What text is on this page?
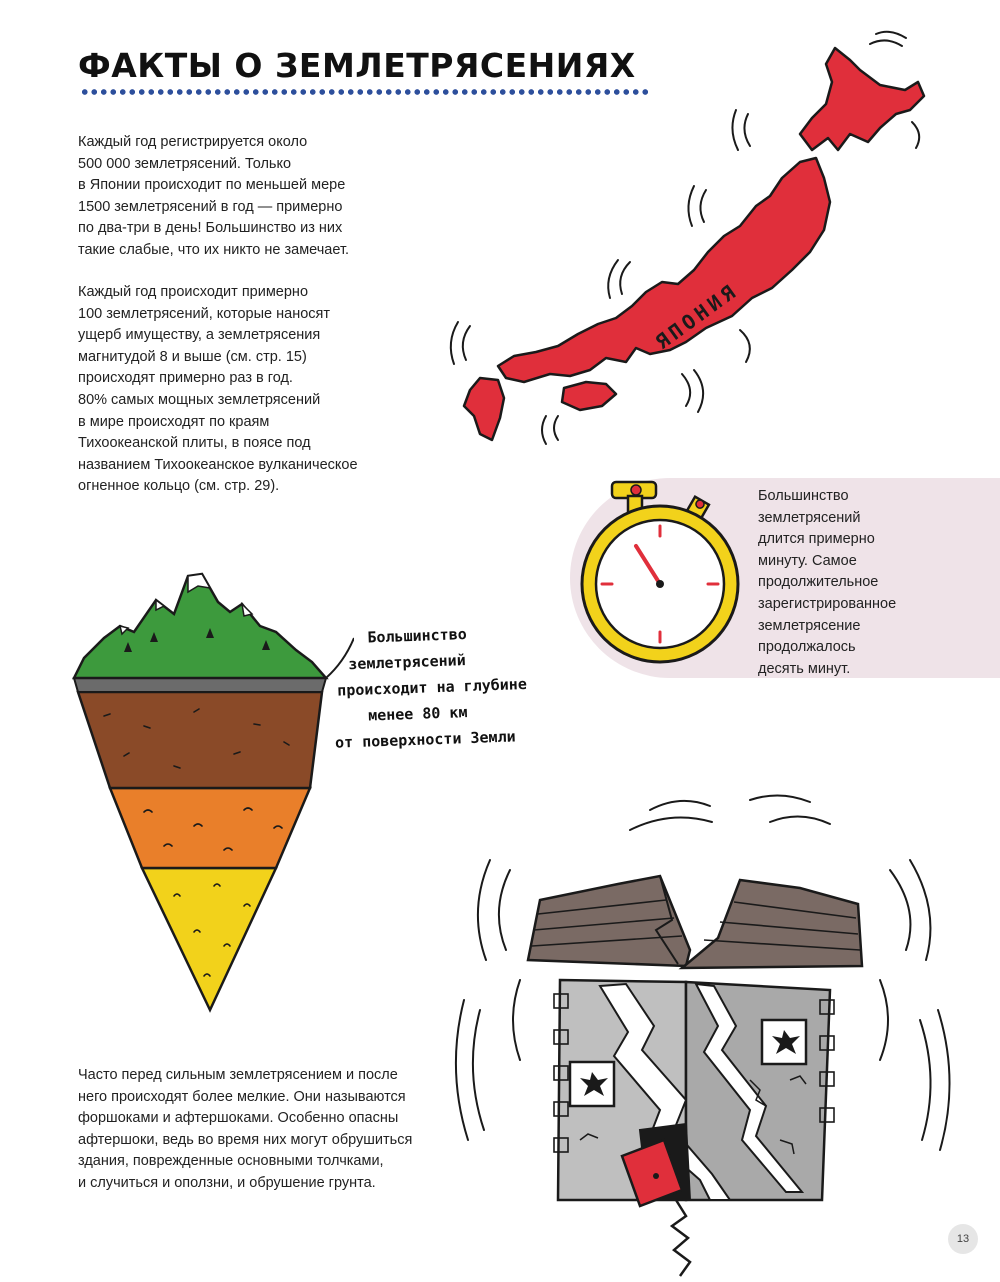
ФАКТЫ О ЗЕМЛЕТРЯСЕНИЯХ

Каждый год регистрируется около
500 000 землетрясений. Только
в Японии происходит по меньшей мере
1500 землетрясений в год — примерно
по два-три в день! Большинство из них
такие слабые, что их никто не замечает.

Каждый год происходит примерно
100 землетрясений, которые наносят
ущерб имуществу, а землетрясения
магнитудой 8 и выше (см. стр. 15)
происходят примерно раз в год.
80% самых мощных землетрясений
в мире происходят по краям
Тихоокеанской плиты, в поясе под
названием Тихоокеанское вулканическое
огненное кольцо (см. стр. 29).

ЯПОНИЯ

Большинство
землетрясений
длится примерно
минуту. Самое
продолжительное
зарегистрированное
землетрясение
продолжалось
десять минут.

Большинство
землетрясений
происходит на глубине
менее 80 км
от поверхности Земли

Часто перед сильным землетрясением и после
него происходят более мелкие. Они называются
форшоками и афтершоками. Особенно опасны
афтершоки, ведь во время них могут обрушиться
здания, поврежденные основными толчками,
и случиться и оползни, и обрушение грунта.

13
